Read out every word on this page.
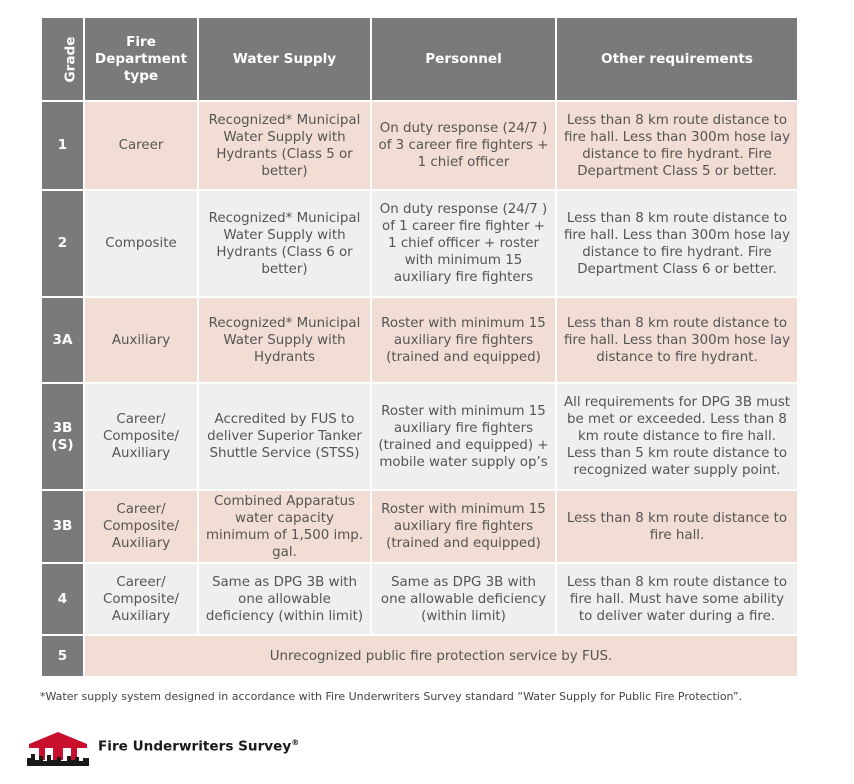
Grade	Fire Department type	Water Supply	Personnel	Other requirements
1	Career	Recognized* Municipal Water Supply with Hydrants (Class 5 or better)	On duty response (24/7 ) of 3 career fire fighters + 1 chief officer	Less than 8 km route distance to fire hall. Less than 300m hose lay distance to fire hydrant. Fire Department Class 5 or better.
2	Composite	Recognized* Municipal Water Supply with Hydrants (Class 6 or better)	On duty response (24/7 ) of 1 career fire fighter + 1 chief officer + roster with minimum 15 auxiliary fire fighters	Less than 8 km route distance to fire hall. Less than 300m hose lay distance to fire hydrant. Fire Department Class 6 or better.
3A	Auxiliary	Recognized* Municipal Water Supply with Hydrants	Roster with minimum 15 auxiliary fire fighters (trained and equipped)	Less than 8 km route distance to fire hall. Less than 300m hose lay distance to fire hydrant.
3B (S)	Career/ Composite/ Auxiliary	Accredited by FUS to deliver Superior Tanker Shuttle Service (STSS)	Roster with minimum 15 auxiliary fire fighters (trained and equipped) + mobile water supply op’s	All requirements for DPG 3B must be met or exceeded. Less than 8 km route distance to fire hall. Less than 5 km route distance to recognized water supply point.
3B	Career/ Composite/ Auxiliary	Combined Apparatus water capacity minimum of 1,500 imp. gal.	Roster with minimum 15 auxiliary fire fighters (trained and equipped)	Less than 8 km route distance to fire hall.
4	Career/ Composite/ Auxiliary	Same as DPG 3B with one allowable deficiency (within limit)	Same as DPG 3B with one allowable deficiency (within limit)	Less than 8 km route distance to fire hall. Must have some ability to deliver water during a fire.
5	Unrecognized public fire protection service by FUS.			
*Water supply system designed in accordance with Fire Underwriters Survey standard “Water Supply for Public Fire Protection”.
Fire Underwriters Survey®
